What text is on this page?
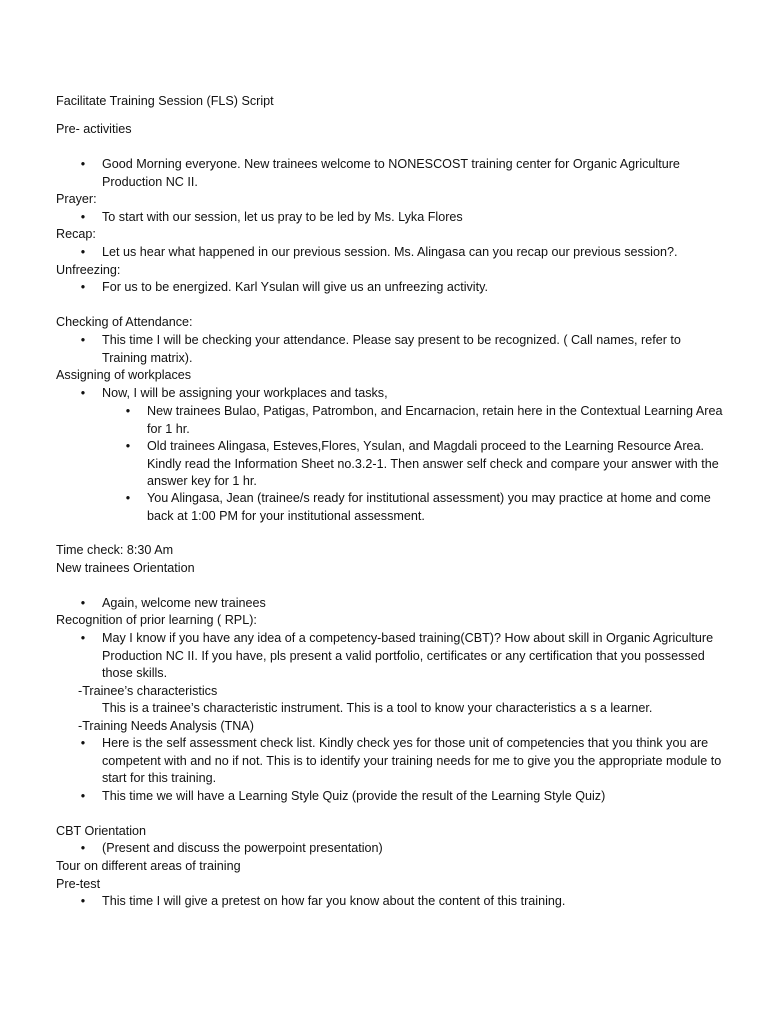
Facilitate Training Session (FLS) Script
Pre- activities
• Good Morning everyone. New trainees welcome to NONESCOST training center for Organic Agriculture Production NC II.
Prayer:
• To start with our session, let us pray to be led by Ms. Lyka Flores
Recap:
• Let us hear what happened in our previous session. Ms. Alingasa can you recap our previous session?.
Unfreezing:
• For us to be energized. Karl Ysulan will give us an unfreezing activity.
Checking of Attendance:
• This time I will be checking your attendance. Please say present to be recognized. ( Call names, refer to Training matrix).
Assigning of workplaces
• Now, I will be assigning your workplaces and tasks,
• New trainees Bulao, Patigas, Patrombon, and Encarnacion, retain here in the Contextual Learning Area for 1 hr.
• Old trainees Alingasa, Esteves,Flores, Ysulan, and Magdali proceed to the Learning Resource Area. Kindly read the Information Sheet no.3.2-1. Then answer self check and compare your answer with the answer key for 1 hr.
• You Alingasa, Jean (trainee/s ready for institutional assessment) you may practice at home and come back at 1:00 PM for your institutional assessment.
Time check: 8:30 Am
New trainees Orientation
• Again, welcome new trainees
Recognition of prior learning ( RPL):
• May I know if you have any idea of a competency-based training(CBT)? How about skill in Organic Agriculture Production NC II. If you have, pls present a valid portfolio, certificates or any certification that you possessed those skills.
-Trainee’s characteristics
This is a trainee’s characteristic instrument. This is a tool to know your characteristics a s a learner.
-Training Needs Analysis (TNA)
• Here is the self assessment check list. Kindly check yes for those unit of competencies that you think you are competent with and no if not. This is to identify your training needs for me to give you the appropriate module to start for this training.
• This time we will have a Learning Style Quiz (provide the result of the Learning Style Quiz)
CBT Orientation
• (Present and discuss the powerpoint presentation)
Tour on different areas of training
Pre-test
• This time I will give a pretest on how far you know about the content of this training.
